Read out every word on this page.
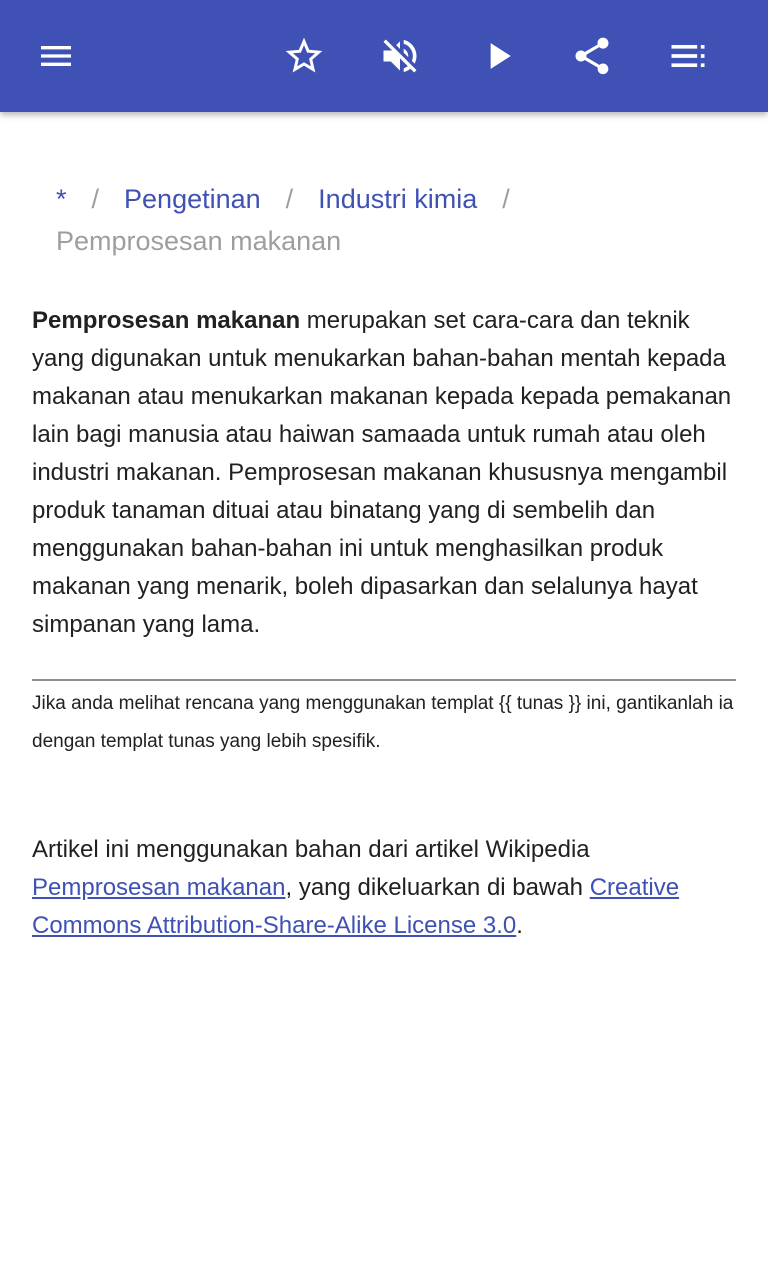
* / Pengetinan / Industri kimia /
Pemprosesan makanan
Pemprosesan makanan merupakan set cara-cara dan teknik yang digunakan untuk menukarkan bahan-bahan mentah kepada makanan atau menukarkan makanan kepada kepada pemakanan lain bagi manusia atau haiwan samaada untuk rumah atau oleh industri makanan. Pemprosesan makanan khususnya mengambil produk tanaman dituai atau binatang yang di sembelih dan menggunakan bahan-bahan ini untuk menghasilkan produk makanan yang menarik, boleh dipasarkan dan selalunya hayat simpanan yang lama.
Jika anda melihat rencana yang menggunakan templat {{ tunas }} ini, gantikanlah ia dengan templat tunas yang lebih spesifik.
Artikel ini menggunakan bahan dari artikel Wikipedia Pemprosesan makanan, yang dikeluarkan di bawah Creative Commons Attribution-Share-Alike License 3.0.
